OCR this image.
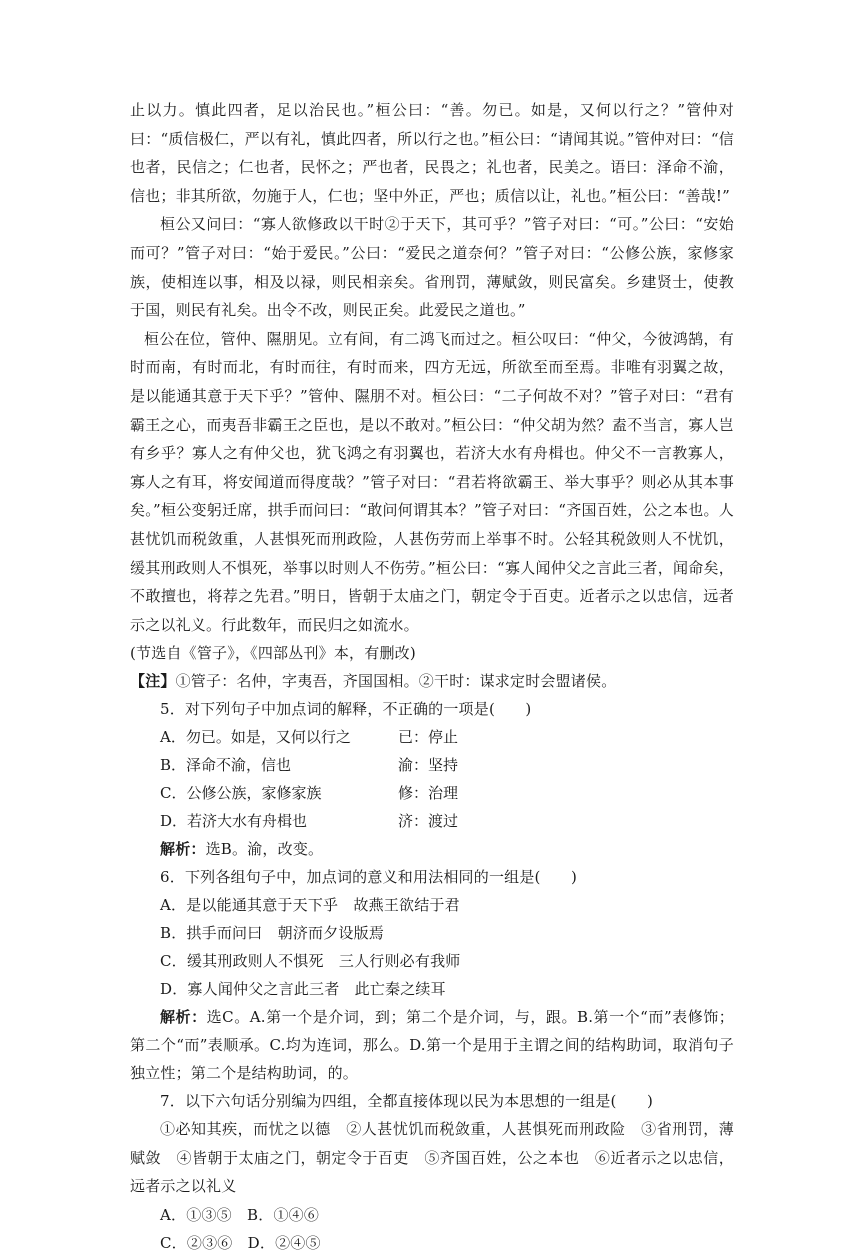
止以力。慎此四者，足以治民也。”桓公曰：“善。勿已。如是，又何以行之？”管仲对曰：“质信极仁，严以有礼，慎此四者，所以行之也。”桓公曰：“请闻其说。”管仲对曰：“信也者，民信之；仁也者，民怀之；严也者，民畏之；礼也者，民美之。语曰：泽命不渝，信也；非其所欲，勿施于人，仁也；坚中外正，严也；质信以让，礼也。”桓公曰：“善哉!”

桓公又问曰：“寡人欲修政以干时②于天下，其可乎？”管子对曰：“可。”公曰：“安始而可？”管子对曰：“始于爱民。”公曰：“爱民之道奈何？”管子对曰：“公修公族，家修家族，使相连以事，相及以禄，则民相亲矣。省刑罚，薄赋敛，则民富矣。乡建贤士，使教于国，则民有礼矣。出令不改，则民正矣。此爱民之道也。”

桓公在位，管仲、隰朋见。立有间，有二鸿飞而过之。桓公叹曰：“仲父，今彼鸿鹄，有时而南，有时而北，有时而往，有时而来，四方无远，所欲至而至焉。非唯有羽翼之故，是以能通其意于天下乎？”管仲、隰朋不对。桓公曰：“二子何故不对？”管子对曰：“君有霸王之心，而夷吾非霸王之臣也，是以不敢对。”桓公曰：“仲父胡为然？盍不当言，寡人岂有乡乎？寡人之有仲父也，犹飞鸿之有羽翼也，若济大水有舟楫也。仲父不一言教寡人，寡人之有耳，将安闻道而得度哉？”管子对曰：“君若将欲霸王、举大事乎？则必从其本事矣。”桓公变躬迁席，拱手而问曰：“敢问何谓其本？”管子对曰：“齐国百姓，公之本也。人甚忧饥而税敛重，人甚惧死而刑政险，人甚伤劳而上举事不时。公轻其税敛则人不忧饥，缓其刑政则人不惧死，举事以时则人不伤劳。”桓公曰：“寡人闻仲父之言此三者，闻命矣，不敢擅也，将荐之先君。”明日，皆朝于太庙之门，朝定令于百吏。近者示之以忠信，远者示之以礼义。行此数年，而民归之如流水。

(节选自《管子》，《四部丛刊》本，有删改)

【注】①管子：名仲，字夷吾，齐国国相。②干时：谋求定时会盟诸侯。

5．对下列句子中加点词的解释，不正确的一项是(　　)

A．勿已。如是，又何以行之	已：停止
B．泽命不渝，信也	渝：坚持
C．公修公族，家修家族	修：治理
D．若济大水有舟楫也	济：渡过

解析：选B。渝，改变。

6．下列各组句子中，加点词的意义和用法相同的一组是(　　)

A．是以能通其意于天下乎　故燕王欲结于君

B．拱手而问曰　朝济而夕设版焉

C．缓其刑政则人不惧死　三人行则必有我师

D．寡人闻仲父之言此三者　此亡秦之续耳

解析：选C。A.第一个是介词，到；第二个是介词，与，跟。B.第一个“而”表修饰；第二个“而”表顺承。C.均为连词，那么。D.第一个是用于主谓之间的结构助词，取消句子独立性；第二个是结构助词，的。

7．以下六句话分别编为四组，全都直接体现以民为本思想的一组是(　　)

①必知其疾，而忧之以德　②人甚忧饥而税敛重，人甚惧死而刑政险　③省刑罚，薄赋敛　④皆朝于太庙之门，朝定令于百吏　⑤齐国百姓，公之本也　⑥近者示之以忠信，远者示之以礼义

A．①③⑤　B．①④⑥

C．②③⑥　D．②④⑤
